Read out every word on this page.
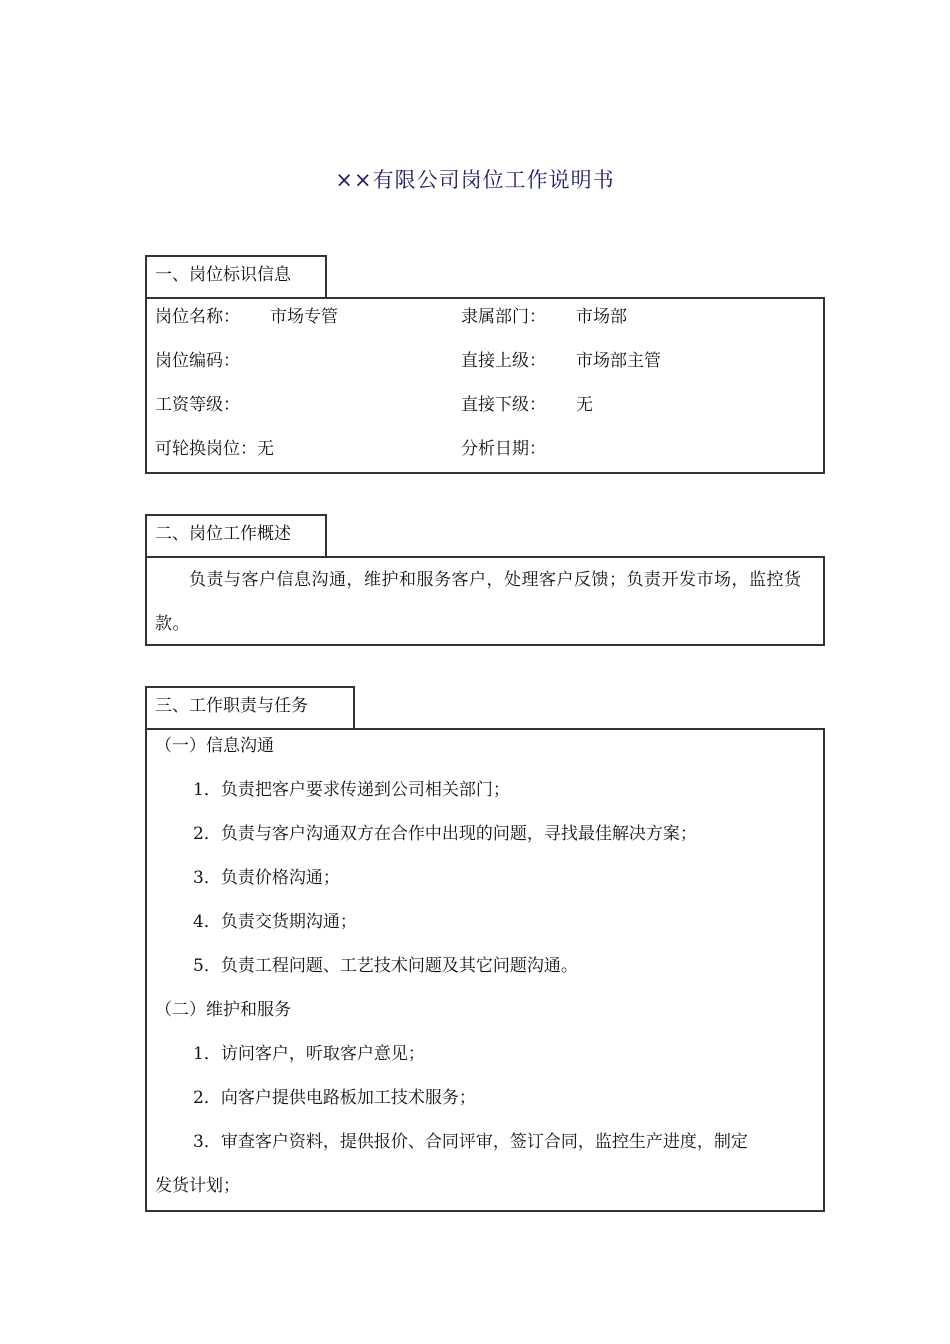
××有限公司岗位工作说明书
一、岗位标识信息
岗位名称： 市场专管	隶属部门： 市场部
岗位编码：	直接上级： 市场部主管
工资等级：	直接下级： 无
可轮换岗位：无	分析日期：
二、岗位工作概述
负责与客户信息沟通，维护和服务客户，处理客户反馈；负责开发市场，监控货款。
三、工作职责与任务
（一）信息沟通
1．负责把客户要求传递到公司相关部门；
2．负责与客户沟通双方在合作中出现的问题，寻找最佳解决方案；
3．负责价格沟通；
4．负责交货期沟通；
5．负责工程问题、工艺技术问题及其它问题沟通。
（二）维护和服务
1．访问客户，听取客户意见；
2．向客户提供电路板加工技术服务；
3．审查客户资料，提供报价、合同评审，签订合同，监控生产进度，制定
发货计划；
